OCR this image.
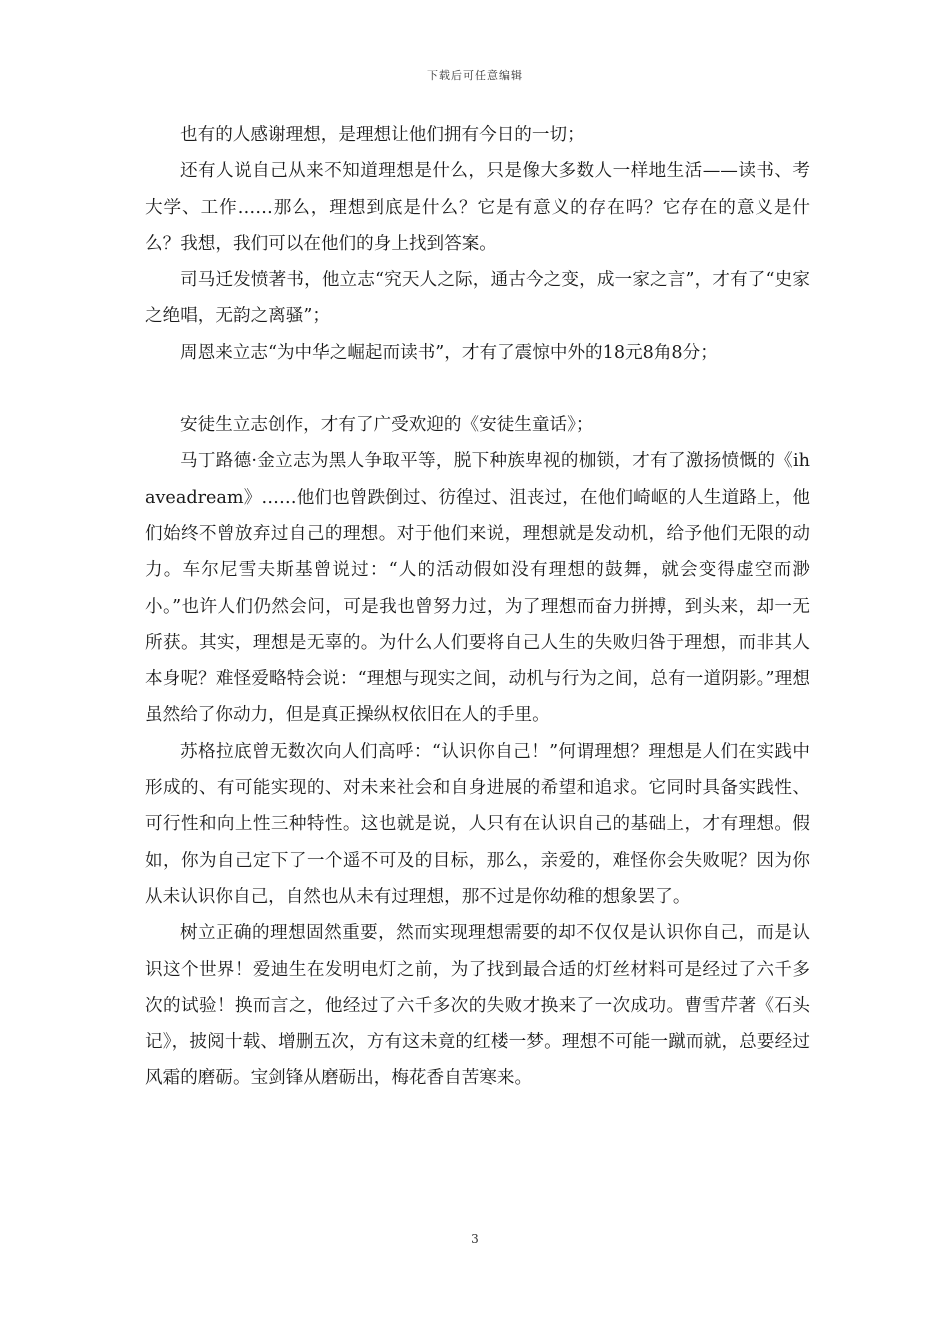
下载后可任意编辑

也有的人感谢理想，是理想让他们拥有今日的一切；

还有人说自己从来不知道理想是什么，只是像大多数人一样地生活——读书、考大学、工作……那么，理想到底是什么？它是有意义的存在吗？它存在的意义是什么？我想，我们可以在他们的身上找到答案。

司马迁发愤著书，他立志“究天人之际，通古今之变，成一家之言”，才有了“史家之绝唱，无韵之离骚”；

周恩来立志“为中华之崛起而读书”，才有了震惊中外的18元8角8分；

安徒生立志创作，才有了广受欢迎的《安徒生童话》；

马丁路德·金立志为黑人争取平等，脱下种族卑视的枷锁，才有了激扬愤慨的《ihaveadream》……他们也曾跌倒过、彷徨过、沮丧过，在他们崎岖的人生道路上，他们始终不曾放弃过自己的理想。对于他们来说，理想就是发动机，给予他们无限的动力。车尔尼雪夫斯基曾说过：“人的活动假如没有理想的鼓舞，就会变得虚空而渺小。”也许人们仍然会问，可是我也曾努力过，为了理想而奋力拼搏，到头来，却一无所获。其实，理想是无辜的。为什么人们要将自己人生的失败归咎于理想，而非其人本身呢？难怪爱略特会说：“理想与现实之间，动机与行为之间，总有一道阴影。”理想虽然给了你动力，但是真正操纵权依旧在人的手里。

苏格拉底曾无数次向人们高呼：“认识你自己！”何谓理想？理想是人们在实践中形成的、有可能实现的、对未来社会和自身进展的希望和追求。它同时具备实践性、可行性和向上性三种特性。这也就是说，人只有在认识自己的基础上，才有理想。假如，你为自己定下了一个遥不可及的目标，那么，亲爱的，难怪你会失败呢？因为你从未认识你自己，自然也从未有过理想，那不过是你幼稚的想象罢了。

树立正确的理想固然重要，然而实现理想需要的却不仅仅是认识你自己，而是认识这个世界！爱迪生在发明电灯之前，为了找到最合适的灯丝材料可是经过了六千多次的试验！换而言之，他经过了六千多次的失败才换来了一次成功。曹雪芹著《石头记》，披阅十载、增删五次，方有这未竟的红楼一梦。理想不可能一蹴而就，总要经过风霜的磨砺。宝剑锋从磨砺出，梅花香自苦寒来。

3
